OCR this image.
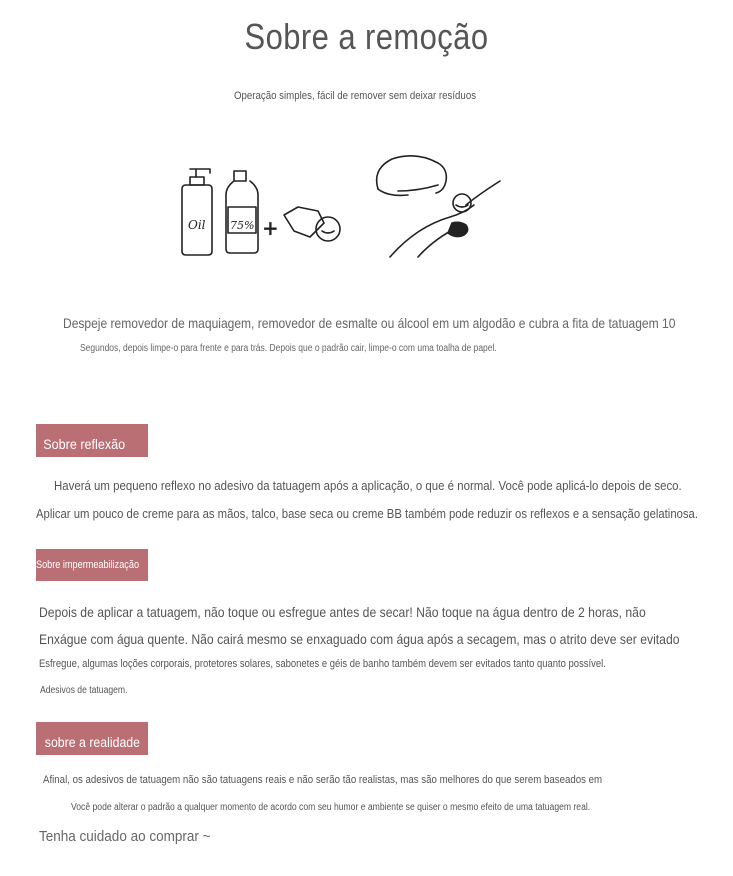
Sobre a remoção
Operação simples, fácil de remover sem deixar resíduos
Oil 75% +
Despeje removedor de maquiagem, removedor de esmalte ou álcool em um algodão e cubra a fita de tatuagem 10
Segundos, depois limpe-o para frente e para trás. Depois que o padrão cair, limpe-o com uma toalha de papel.
Sobre reflexão
Haverá um pequeno reflexo no adesivo da tatuagem após a aplicação, o que é normal. Você pode aplicá-lo depois de seco.
Aplicar um pouco de creme para as mãos, talco, base seca ou creme BB também pode reduzir os reflexos e a sensação gelatinosa.
Sobre impermeabilização
Depois de aplicar a tatuagem, não toque ou esfregue antes de secar! Não toque na água dentro de 2 horas, não
Enxágue com água quente. Não cairá mesmo se enxaguado com água após a secagem, mas o atrito deve ser evitado
Esfregue, algumas loções corporais, protetores solares, sabonetes e géis de banho também devem ser evitados tanto quanto possível.
Adesivos de tatuagem.
sobre a realidade
Afinal, os adesivos de tatuagem não são tatuagens reais e não serão tão realistas, mas são melhores do que serem baseados em
Você pode alterar o padrão a qualquer momento de acordo com seu humor e ambiente se quiser o mesmo efeito de uma tatuagem real.
Tenha cuidado ao comprar ~
